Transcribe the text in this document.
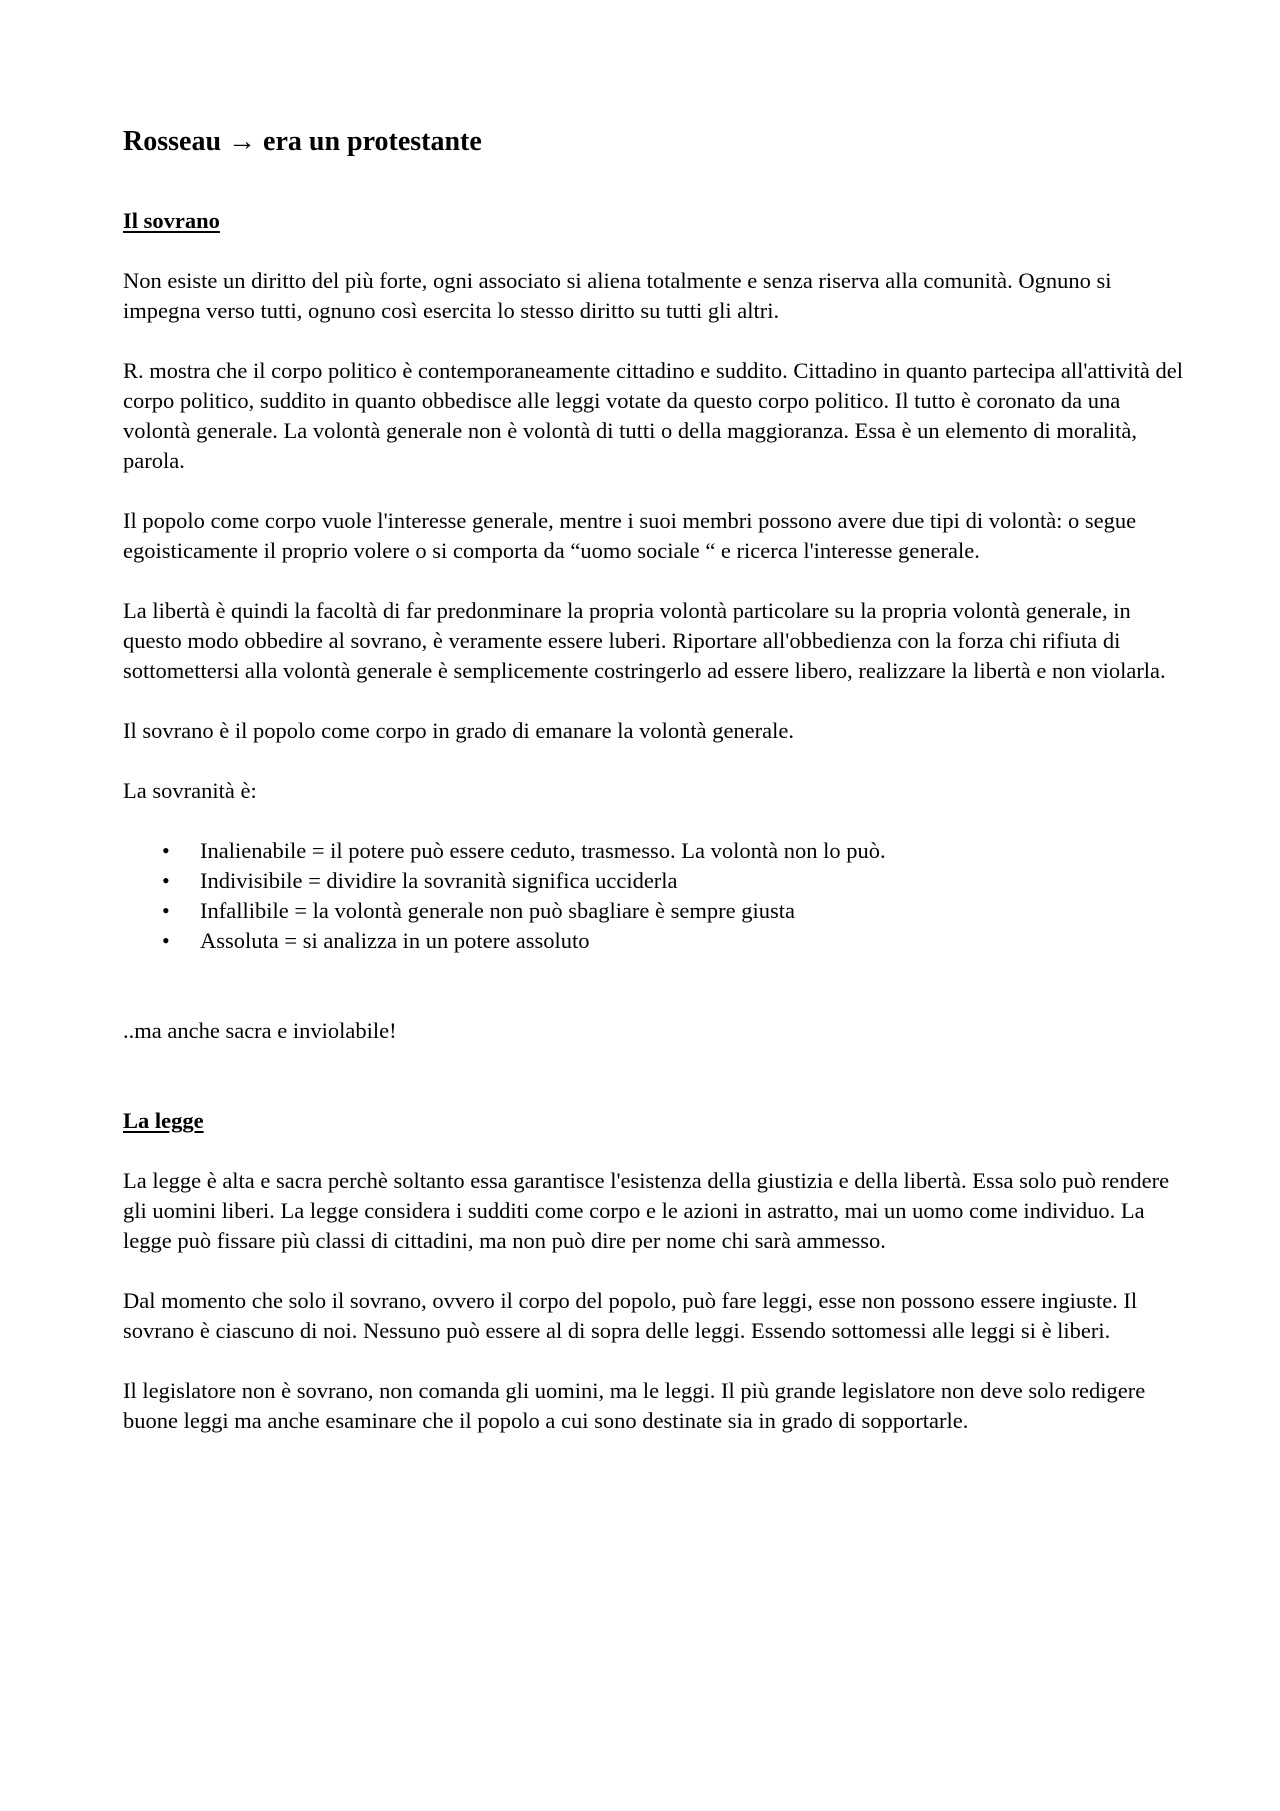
Rosseau → era un protestante
Il sovrano

Non esiste un diritto del più forte, ogni associato si aliena totalmente e senza riserva alla comunità. Ognuno si impegna verso tutti, ognuno così esercita lo stesso diritto su tutti gli altri.

R. mostra che il corpo politico è contemporaneamente cittadino e suddito. Cittadino in quanto partecipa all'attività del corpo politico, suddito in quanto obbedisce alle leggi votate da questo corpo politico. Il tutto è coronato da una volontà generale. La volontà generale non è volontà di tutti o della maggioranza. Essa è un elemento di moralità, parola.

Il popolo come corpo vuole l'interesse generale, mentre i suoi membri possono avere due tipi di volontà: o segue egoisticamente il proprio volere o si comporta da “uomo sociale “ e ricerca l'interesse generale.

La libertà è quindi la facoltà di far predonminare la propria volontà particolare su la propria volontà generale, in questo modo obbedire al sovrano, è veramente essere luberi. Riportare all'obbedienza con la forza chi rifiuta di sottomettersi alla volontà generale è semplicemente costringerlo ad essere libero, realizzare la libertà e non violarla.

Il sovrano è il popolo come corpo in grado di emanare la volontà generale.

La sovranità è:

• Inalienabile = il potere può essere ceduto, trasmesso. La volontà non lo può.
• Indivisibile = dividire la sovranità significa ucciderla
• Infallibile = la volontà generale non può sbagliare è sempre giusta
• Assoluta = si analizza in un potere assoluto

..ma anche sacra e inviolabile!

La legge

La legge è alta e sacra perchè soltanto essa garantisce l'esistenza della giustizia e della libertà. Essa solo può rendere gli uomini liberi. La legge considera i sudditi come corpo e le azioni in astratto, mai un uomo come individuo. La legge può fissare più classi di cittadini, ma non può dire per nome chi sarà ammesso.

Dal momento che solo il sovrano, ovvero il corpo del popolo, può fare leggi, esse non possono essere ingiuste. Il sovrano è ciascuno di noi. Nessuno può essere al di sopra delle leggi. Essendo sottomessi alle leggi si è liberi.

Il legislatore non è sovrano, non comanda gli uomini, ma le leggi. Il più grande legislatore non deve solo redigere buone leggi ma anche esaminare che il popolo a cui sono destinate sia in grado di sopportarle.
